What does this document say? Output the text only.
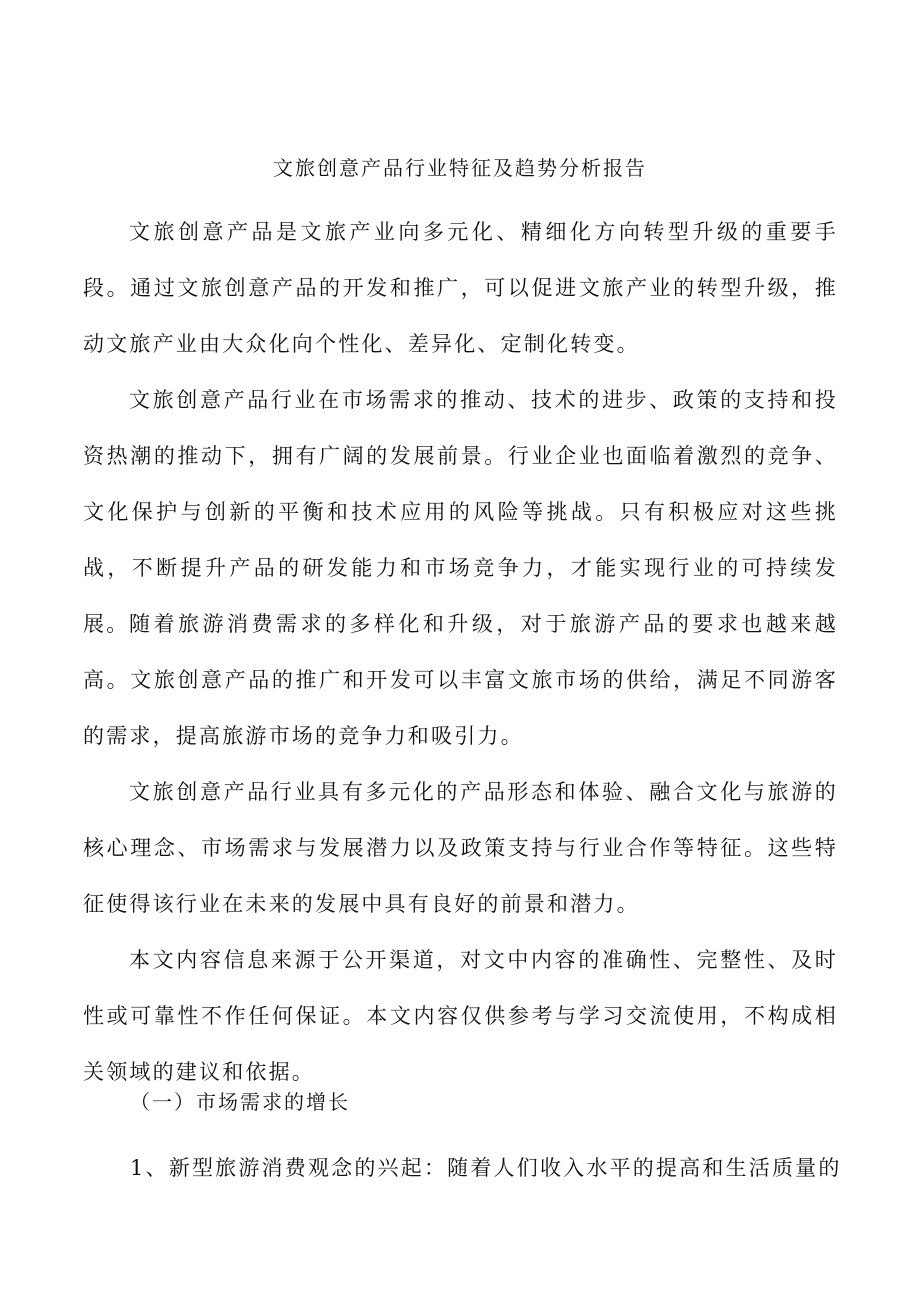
文旅创意产品行业特征及趋势分析报告

文旅创意产品是文旅产业向多元化、精细化方向转型升级的重要手段。通过文旅创意产品的开发和推广，可以促进文旅产业的转型升级，推动文旅产业由大众化向个性化、差异化、定制化转变。

文旅创意产品行业在市场需求的推动、技术的进步、政策的支持和投资热潮的推动下，拥有广阔的发展前景。行业企业也面临着激烈的竞争、文化保护与创新的平衡和技术应用的风险等挑战。只有积极应对这些挑战，不断提升产品的研发能力和市场竞争力，才能实现行业的可持续发展。 随着旅游消费需求的多样化和升级，对于旅游产品的要求也越来越高。文旅创意产品的推广和开发可以丰富文旅市场的供给，满足不同游客的需求，提高旅游市场的竞争力和吸引力。

文旅创意产品行业具有多元化的产品形态和体验、融合文化与旅游的核心理念、市场需求与发展潜力以及政策支持与行业合作等特征。这些特征使得该行业在未来的发展中具有良好的前景和潜力。

本文内容信息来源于公开渠道，对文中内容的准确性、完整性、及时性或可靠性不作任何保证。本文内容仅供参考与学习交流使用，不构成相关领域的建议和依据。

（一）市场需求的增长

1、新型旅游消费观念的兴起：随着人们收入水平的提高和生活质量的
